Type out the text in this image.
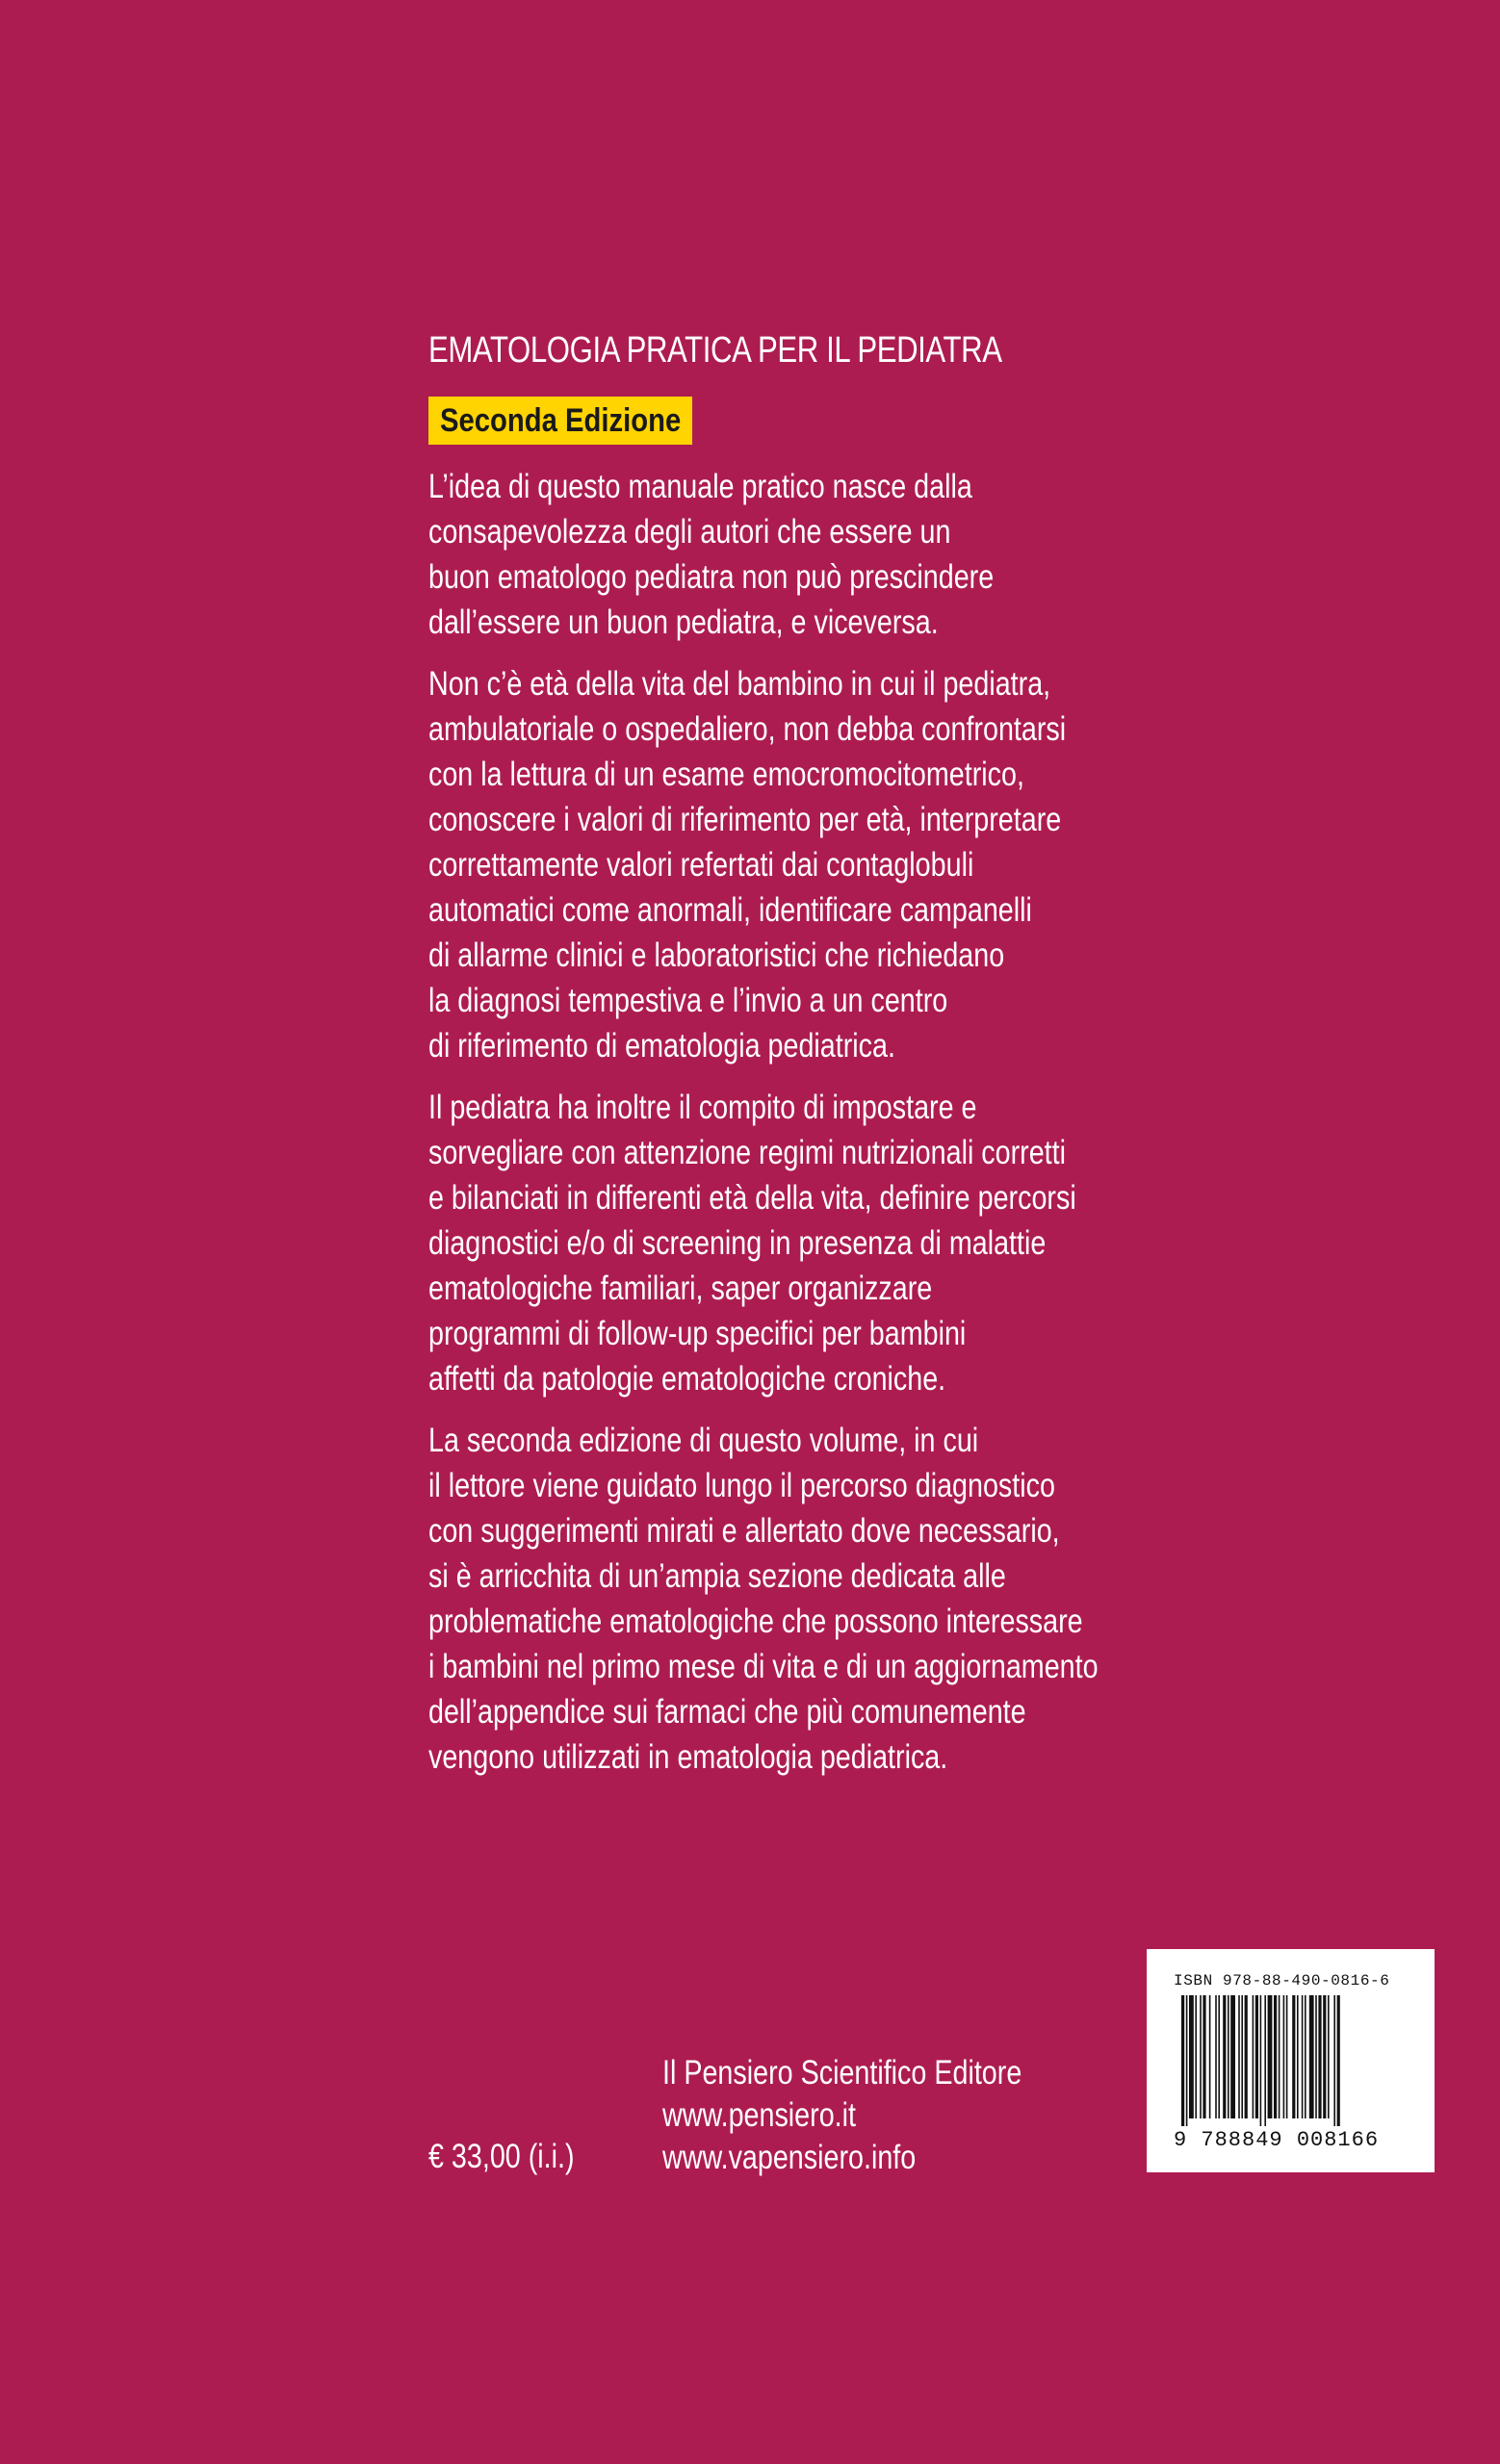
EMATOLOGIA PRATICA PER IL PEDIATRA
Seconda Edizione
L’idea di questo manuale pratico nasce dalla
consapevolezza degli autori che essere un
buon ematologo pediatra non può prescindere
dall’essere un buon pediatra, e viceversa.
Non c’è età della vita del bambino in cui il pediatra,
ambulatoriale o ospedaliero, non debba confrontarsi
con la lettura di un esame emocromocitometrico,
conoscere i valori di riferimento per età, interpretare
correttamente valori refertati dai contaglobuli
automatici come anormali, identificare campanelli
di allarme clinici e laboratoristici che richiedano
la diagnosi tempestiva e l’invio a un centro
di riferimento di ematologia pediatrica.
Il pediatra ha inoltre il compito di impostare e
sorvegliare con attenzione regimi nutrizionali corretti
e bilanciati in differenti età della vita, definire percorsi
diagnostici e/o di screening in presenza di malattie
ematologiche familiari, saper organizzare
programmi di follow-up specifici per bambini
affetti da patologie ematologiche croniche.
La seconda edizione di questo volume, in cui
il lettore viene guidato lungo il percorso diagnostico
con suggerimenti mirati e allertato dove necessario,
si è arricchita di un’ampia sezione dedicata alle
problematiche ematologiche che possono interessare
i bambini nel primo mese di vita e di un aggiornamento
dell’appendice sui farmaci che più comunemente
vengono utilizzati in ematologia pediatrica.
€ 33,00 (i.i.)
Il Pensiero Scientifico Editore
www.pensiero.it
www.vapensiero.info
ISBN 978-88-490-0816-6
9 788849 008166
